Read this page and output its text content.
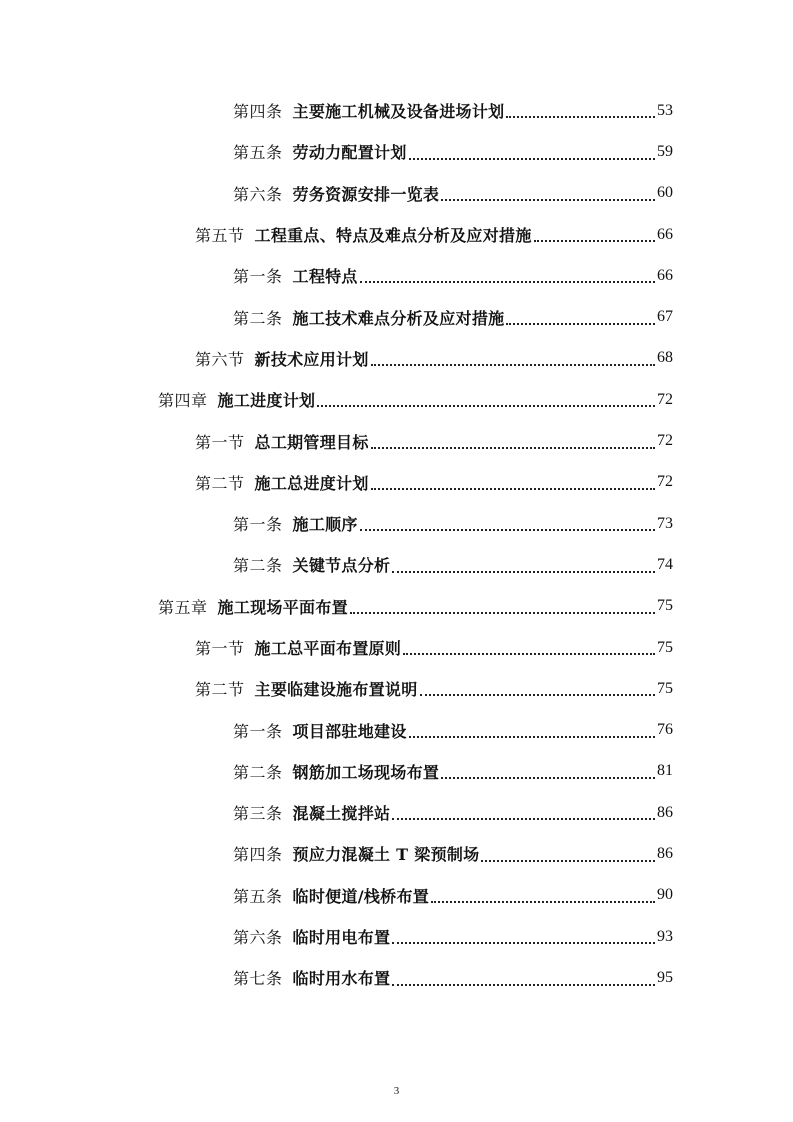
第四条 主要施工机械及设备进场计划	53
第五条 劳动力配置计划	59
第六条 劳务资源安排一览表	60
第五节 工程重点、特点及难点分析及应对措施	66
第一条 工程特点	66
第二条 施工技术难点分析及应对措施	67
第六节 新技术应用计划	68
第四章 施工进度计划	72
第一节 总工期管理目标	72
第二节 施工总进度计划	72
第一条 施工顺序	73
第二条 关键节点分析	74
第五章 施工现场平面布置	75
第一节 施工总平面布置原则	75
第二节 主要临建设施布置说明	75
第一条 项目部驻地建设	76
第二条 钢筋加工场现场布置	81
第三条 混凝土搅拌站	86
第四条 预应力混凝土 T 梁预制场	86
第五条 临时便道/栈桥布置	90
第六条 临时用电布置	93
第七条 临时用水布置	95
3
